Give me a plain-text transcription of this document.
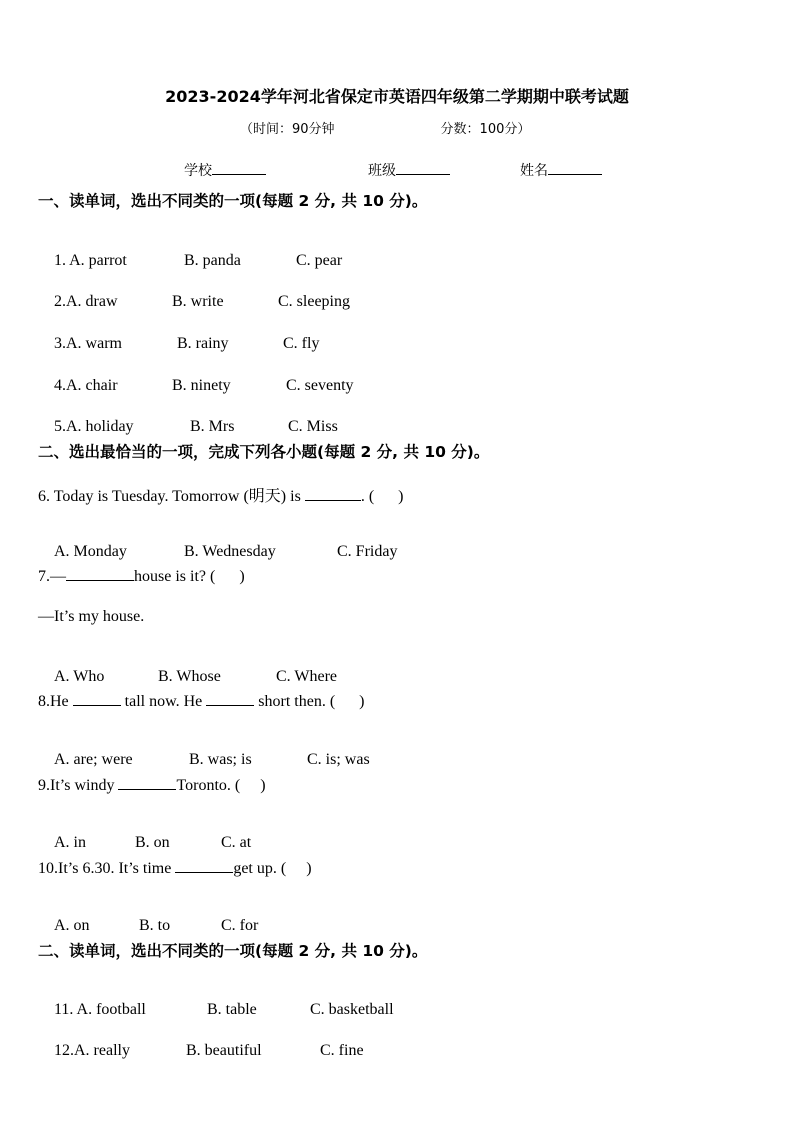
2023-2024学年河北省保定市英语四年级第二学期期中联考试题
（时间：90分钟	分数：100分）
学校	班级	姓名
一、读单词，选出不同类的一项(每题 2 分, 共 10 分)。

1. A. parrot	B. panda	C. pear

2.A. draw	B. write	C. sleeping

3.A. warm	B. rainy	C. fly

4.A. chair	B. ninety	C. seventy

5.A. holiday	B. Mrs	C. Miss

二、选出最恰当的一项，完成下列各小题(每题 2 分, 共 10 分)。
6. Today is Tuesday. Tomorrow (明天) is	. (      )

A. Monday	B. Wednesday	C. Friday

7.—	house is it? (      )
—It’s my house.

A. Who	B. Whose	C. Where

8.He	tall now. He	short then. (      )

A. are; were	B. was; is	C. is; was

9.It’s windy	Toronto. (     )

A. in	B. on	C. at

10.It’s 6.30. It’s time	get up. (     )

A. on	B. to	C. for

二、读单词，选出不同类的一项(每题 2 分, 共 10 分)。

11. A. football	B. table	C. basketball

12.A. really	B. beautiful	C. fine
